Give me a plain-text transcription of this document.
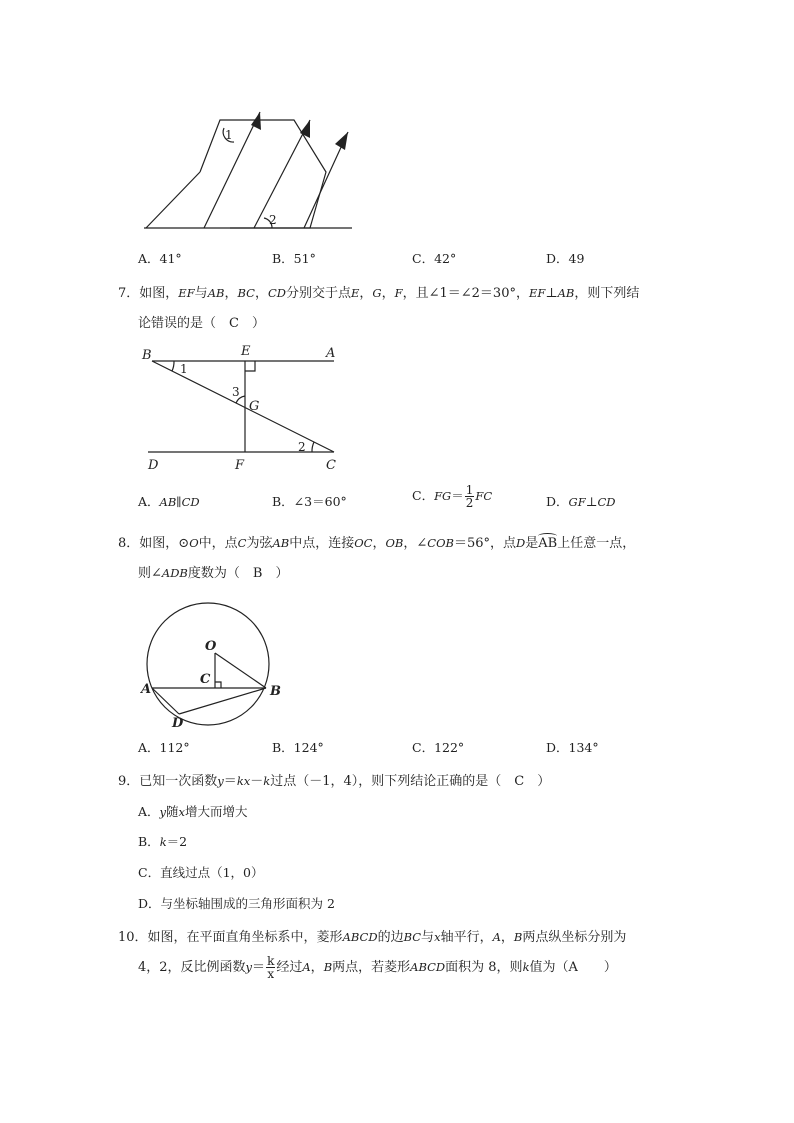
1
2
A．41°	B．51°	C．42°	D．49
7．如图，EF与AB，BC，CD分别交于点E，G，F，且∠1＝∠2＝30°，EF⊥AB，则下列结
论错误的是（　C　）
B	E	A
1
3
G
2
D	F	C
A．AB∥CD	B．∠3＝60°	C．$FG= \frac{1}{2}$ FC	D．GF⊥CD
8．如图，⊙O中，点C为弦AB中点，连接OC，OB，∠COB＝56°，点D是AB上任意一点，
则∠ADB度数为（　B　）
O
C
A	B
D
A．112°	B．124°	C．122°	D．134°
9．已知一次函数y＝kx－k过点（－1，4），则下列结论正确的是（　C　）
A．y随x增大而增大
B．k＝2
C．直线过点（1，0）
D．与坐标轴围成的三角形面积为 2
10．如图，在平面直角坐标系中，菱形ABCD的边BC与x轴平行，A，B两点纵坐标分别为
4，2，反比例函数$y= \frac{k}{x}$ 经过A，B两点，若菱形ABCD面积为 8，则k值为（A　　）
